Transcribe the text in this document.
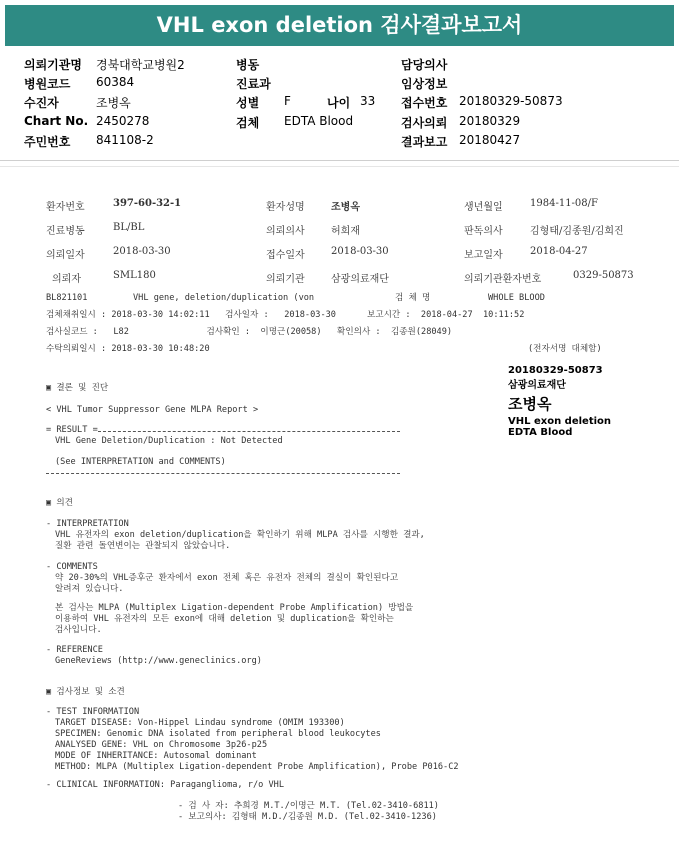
VHL exon deletion 검사결과보고서
의뢰기관명 경북대학교병원2
병원코드 60384
수진자	조병옥
Chart No. 2450278
주민번호 841108-2
병동
진료과
성별 F	나이 33
검체 EDTA Blood
담당의사
임상정보
접수번호 20180329-50873
검사의뢰 20180329
결과보고 20180427
환자번호	397-60-32-1	환자성명	조병옥	생년월일	1984-11-08/F
진료병동	BL/BL	의뢰의사	허희재	판독의사	김형태/김종원/김희진
의뢰일자	2018-03-30	접수일자	2018-03-30	보고일자	2018-04-27
의뢰자	SML180	의뢰기관	삼광의료재단	의뢰기관환자번호	0329-50873
BL821101	VHL gene, deletion/duplication (von	검 체 명	WHOLE BLOOD
검체채취일시 : 2018-03-30 14:02:11   검사일자 :   2018-03-30      보고시간 :  2018-04-27  10:11:52
검사실코드 :   L82               검사확인 :  이명근(20058)   확인의사 :  김종원(28049)
수탁의뢰일시 : 2018-03-30 10:48:20	(전자서명 대체함)
20180329-50873
삼광의료재단
조병옥
VHL exon deletion
EDTA Blood
▣ 결론 및 진단
< VHL Tumor Suppressor Gene MLPA Report >
= RESULT =
VHL Gene Deletion/Duplication : Not Detected
(See INTERPRETATION and COMMENTS)
▣ 의견
- INTERPRETATION
VHL 유전자의 exon deletion/duplication을 확인하기 위해 MLPA 검사를 시행한 결과,
질환 관련 돌연변이는 관찰되지 않았습니다.
- COMMENTS
약 20-30%의 VHL증후군 환자에서 exon 전체 혹은 유전자 전체의 결실이 확인된다고
알려져 있습니다.
본 검사는 MLPA (Multiplex Ligation-dependent Probe Amplification) 방법을
이용하여 VHL 유전자의 모든 exon에 대해 deletion 및 duplication을 확인하는
검사입니다.
- REFERENCE
GeneReviews (http://www.geneclinics.org)
▣ 검사정보 및 소견
- TEST INFORMATION
TARGET DISEASE: Von-Hippel Lindau syndrome (OMIM 193300)
SPECIMEN: Genomic DNA isolated from peripheral blood leukocytes
ANALYSED GENE: VHL on Chromosome 3p26-p25
MODE OF INHERITANCE: Autosomal dominant
METHOD: MLPA (Multiplex Ligation-dependent Probe Amplification), Probe P016-C2
- CLINICAL INFORMATION: Paraganglioma, r/o VHL
- 검 사 자: 추희경 M.T./이명근 M.T. (Tel.02-3410-6811)
- 보고의사: 김형태 M.D./김종원 M.D. (Tel.02-3410-1236)
